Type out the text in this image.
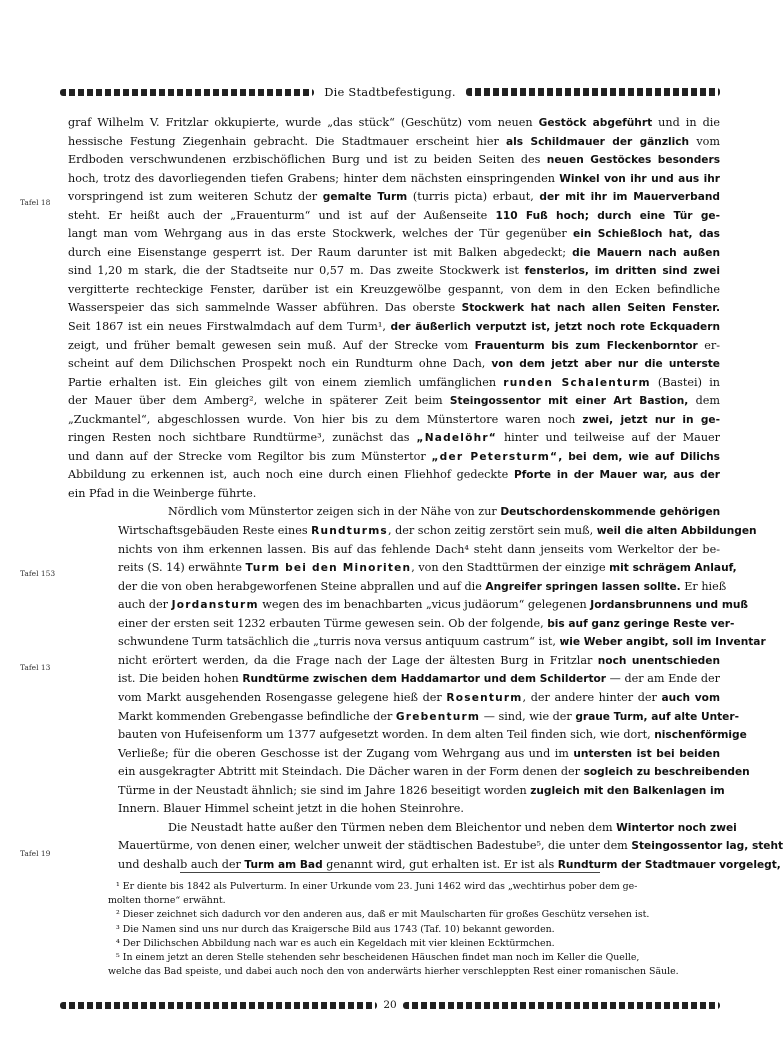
Die Stadtbefestigung.
Tafel 18
Tafel 153
Tafel 13
Tafel 19
graf Wilhelm V. Fritzlar okkupierte, wurde „das stück“ (Geschütz) vom neuen Gestöck abgeführt und in die
hessische Festung Ziegenhain gebracht. Die Stadtmauer erscheint hier als Schildmauer der gänzlich vom
Erdboden verschwundenen erzbischöflichen Burg und ist zu beiden Seiten des neuen Gestöckes besonders
hoch, trotz des davorliegenden tiefen Grabens; hinter dem nächsten einspringenden Winkel von ihr und aus ihr
vorspringend ist zum weiteren Schutz der gemalte Turm (turris picta) erbaut, der mit ihr im Mauerverband
steht. Er heißt auch der „Frauenturm“ und ist auf der Außenseite 110 Fuß hoch; durch eine Tür ge-
langt man vom Wehrgang aus in das erste Stockwerk, welches der Tür gegenüber ein Schießloch hat, das
durch eine Eisenstange gesperrt ist. Der Raum darunter ist mit Balken abgedeckt; die Mauern nach außen
sind 1,20 m stark, die der Stadtseite nur 0,57 m. Das zweite Stockwerk ist fensterlos, im dritten sind zwei
vergitterte rechteckige Fenster, darüber ist ein Kreuzgewölbe gespannt, von dem in den Ecken befindliche
Wasserspeier das sich sammelnde Wasser abführen. Das oberste Stockwerk hat nach allen Seiten Fenster.
Seit 1867 ist ein neues Firstwalmdach auf dem Turm¹, der äußerlich verputzt ist, jetzt noch rote Eckquadern
zeigt, und früher bemalt gewesen sein muß. Auf der Strecke vom Frauenturm bis zum Fleckenborntor er-
scheint auf dem Dilichschen Prospekt noch ein Rundturm ohne Dach, von dem jetzt aber nur die unterste
Partie erhalten ist. Ein gleiches gilt von einem ziemlich umfänglichen runden Schalenturm (Bastei) in
der Mauer über dem Amberg², welche in späterer Zeit beim Steingossentor mit einer Art Bastion, dem
„Zuckmantel“, abgeschlossen wurde. Von hier bis zu dem Münstertore waren noch zwei, jetzt nur in ge-
ringen Resten noch sichtbare Rundtürme³, zunächst das „Nadelöhr“ hinter und teilweise auf der Mauer
und dann auf der Strecke vom Regiltor bis zum Münstertor „der Petersturm“, bei dem, wie auf Dilichs
Abbildung zu erkennen ist, auch noch eine durch einen Fliehhof gedeckte Pforte in der Mauer war, aus der
ein Pfad in die Weinberge führte.
Nördlich vom Münstertor zeigen sich in der Nähe von zur Deutschordenskommende gehörigen
Wirtschaftsgebäuden Reste eines Rundturms, der schon zeitig zerstört sein muß, weil die alten Abbildungen
nichts von ihm erkennen lassen. Bis auf das fehlende Dach⁴ steht dann jenseits vom Werkeltor der be-
reits (S. 14) erwähnte Turm bei den Minoriten, von den Stadttürmen der einzige mit schrägem Anlauf,
der die von oben herabgeworfenen Steine abprallen und auf die Angreifer springen lassen sollte. Er hieß
auch der Jordansturm wegen des im benachbarten „vicus judäorum“ gelegenen Jordansbrunnens und muß
einer der ersten seit 1232 erbauten Türme gewesen sein. Ob der folgende, bis auf ganz geringe Reste ver-
schwundene Turm tatsächlich die „turris nova versus antiquum castrum“ ist, wie Weber angibt, soll im Inventar
nicht erörtert werden, da die Frage nach der Lage der ältesten Burg in Fritzlar noch unentschieden
ist. Die beiden hohen Rundtürme zwischen dem Haddamartor und dem Schildertor — der am Ende der
vom Markt ausgehenden Rosengasse gelegene hieß der Rosenturm, der andere hinter der auch vom
Markt kommenden Grebengasse befindliche der Grebenturm — sind, wie der graue Turm, auf alte Unter-
bauten von Hufeisenform um 1377 aufgesetzt worden. In dem alten Teil finden sich, wie dort, nischenförmige
Verließe; für die oberen Geschosse ist der Zugang vom Wehrgang aus und im untersten ist bei beiden
ein ausgekragter Abtritt mit Steindach. Die Dächer waren in der Form denen der sogleich zu beschreibenden
Türme in der Neustadt ähnlich; sie sind im Jahre 1826 beseitigt worden zugleich mit den Balkenlagen im
Innern. Blauer Himmel scheint jetzt in die hohen Steinrohre.
Die Neustadt hatte außer den Türmen neben dem Bleichentor und neben dem Wintertor noch zwei
Mauertürme, von denen einer, welcher unweit der städtischen Badestube⁵, die unter dem Steingossentor lag, steht
und deshalb auch der Turm am Bad genannt wird, gut erhalten ist. Er ist als Rundturm der Stadtmauer vorgelegt,

¹ Er diente bis 1842 als Pulverturm. In einer Urkunde vom 23. Juni 1462 wird das „wechtirhus pober dem ge-

molten thorne“ erwähnt.

² Dieser zeichnet sich dadurch vor den anderen aus, daß er mit Maulscharten für großes Geschütz versehen ist.

³ Die Namen sind uns nur durch das Kraigersche Bild aus 1743 (Taf. 10) bekannt geworden.

⁴ Der Dilichschen Abbildung nach war es auch ein Kegeldach mit vier kleinen Ecktürmchen.

⁵ In einem jetzt an deren Stelle stehenden sehr bescheidenen Häuschen findet man noch im Keller die Quelle,

welche das Bad speiste, und dabei auch noch den von anderwärts hierher verschleppten Rest einer romanischen Säule.

20
